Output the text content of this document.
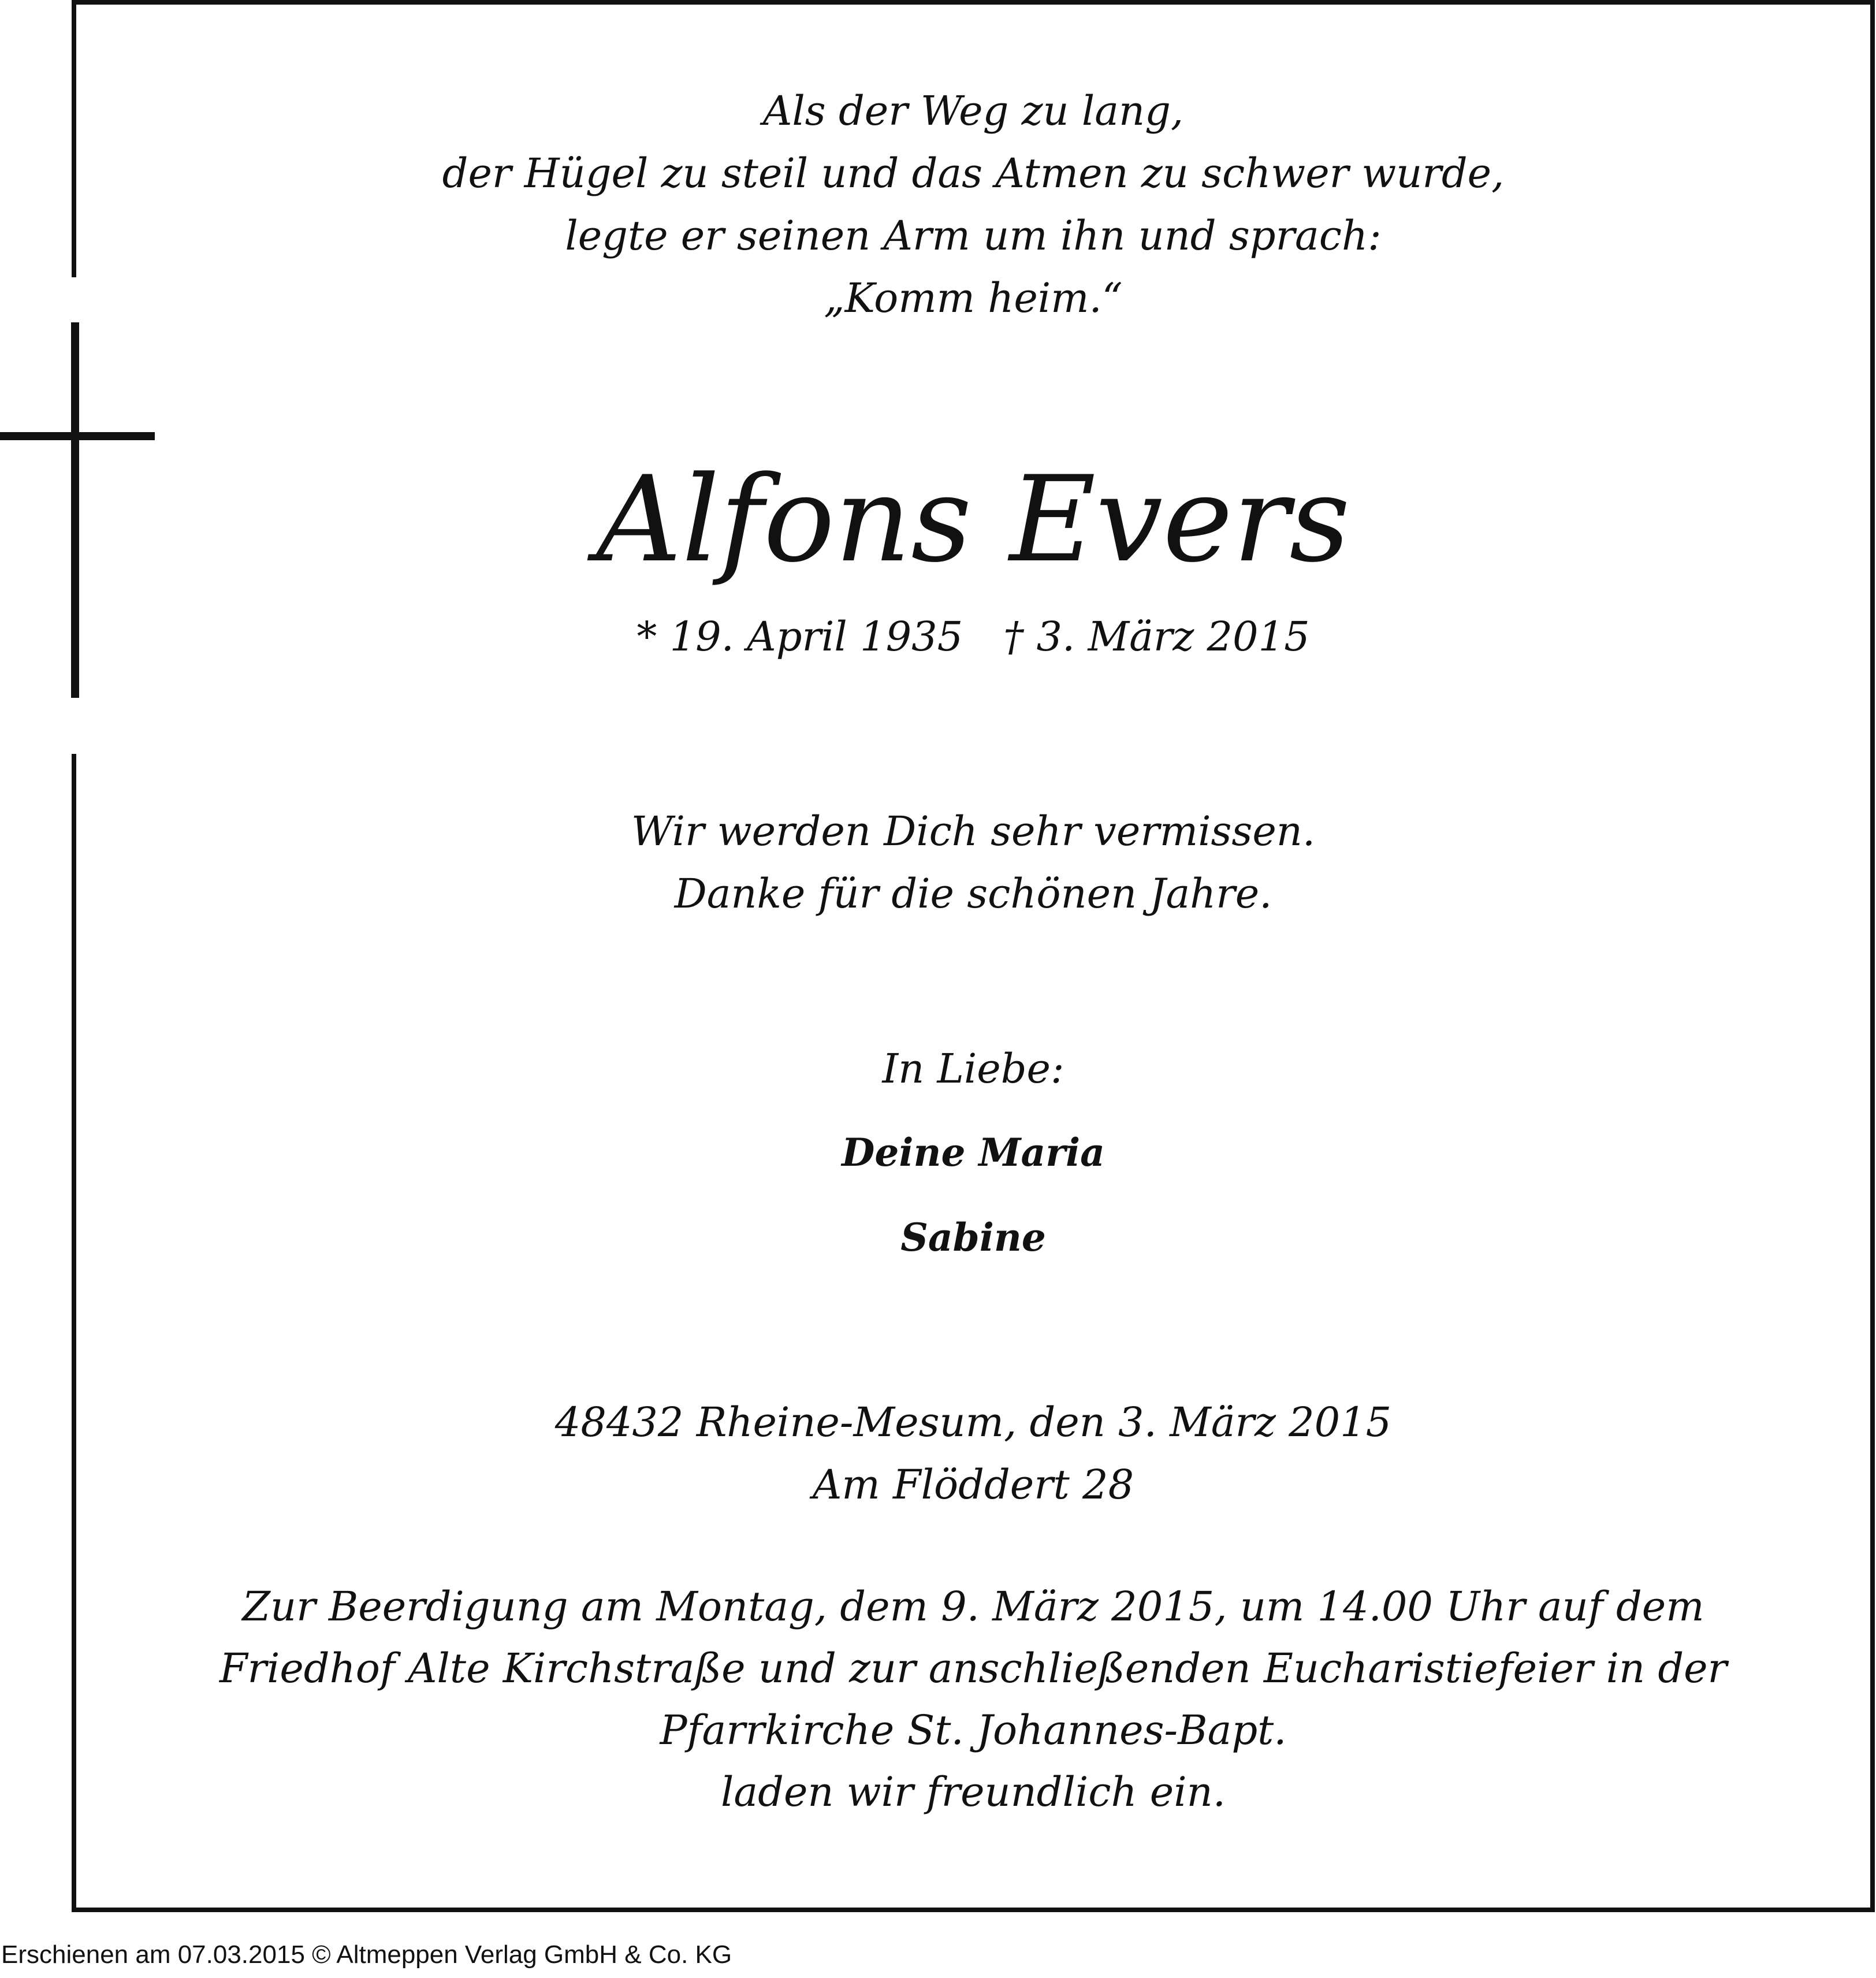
Als der Weg zu lang,
der Hügel zu steil und das Atmen zu schwer wurde,
legte er seinen Arm um ihn und sprach:
„Komm heim.“
Alfons Evers
* 19. April 1935 † 3. März 2015
Wir werden Dich sehr vermissen.
Danke für die schönen Jahre.
In Liebe:
Deine Maria
Sabine
48432 Rheine-Mesum, den 3. März 2015
Am Flöddert 28
Zur Beerdigung am Montag, dem 9. März 2015, um 14.00 Uhr auf dem
Friedhof Alte Kirchstraße und zur anschließenden Eucharistiefeier in der
Pfarrkirche St. Johannes-Bapt.
laden wir freundlich ein.
Erschienen am 07.03.2015 © Altmeppen Verlag GmbH & Co. KG
